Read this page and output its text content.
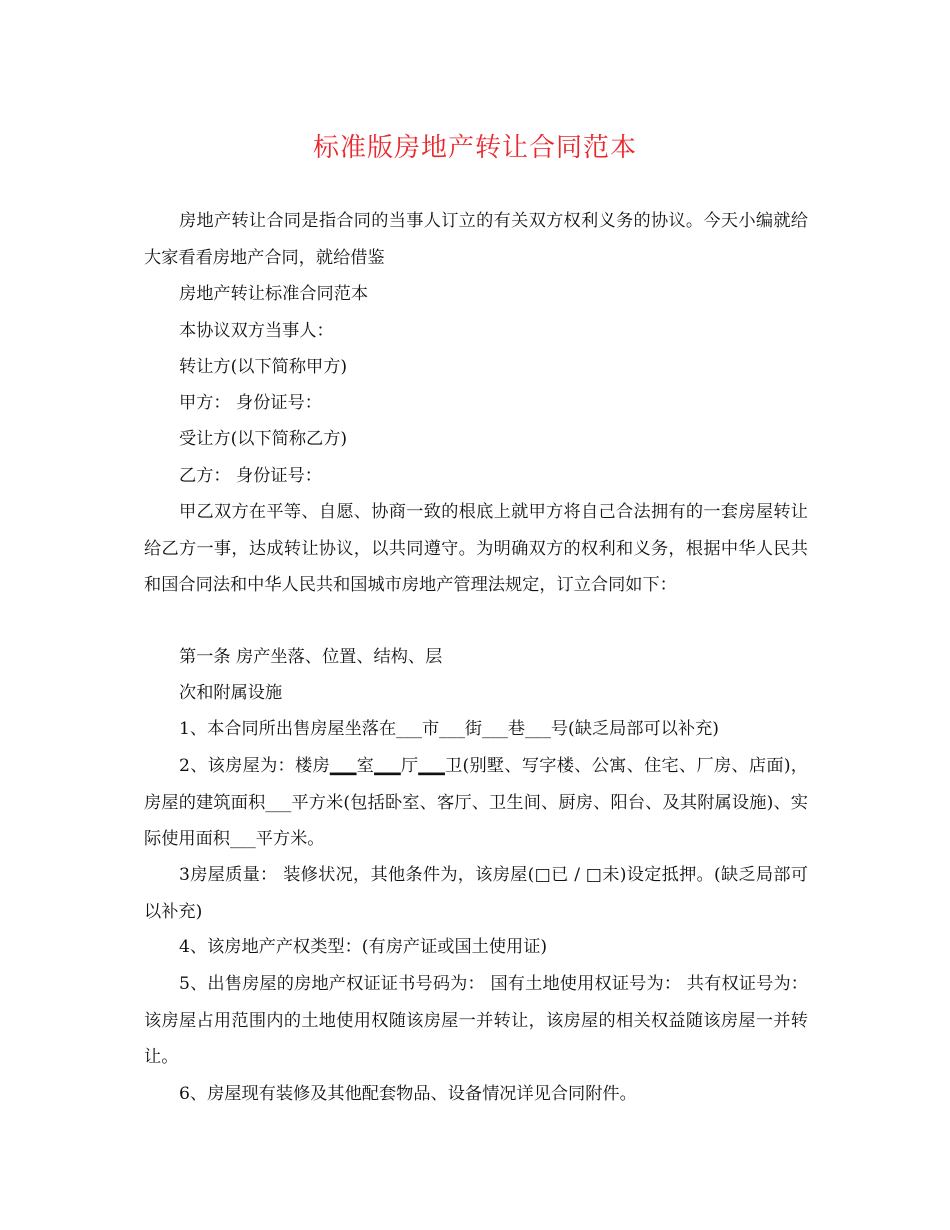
标准版房地产转让合同范本

房地产转让合同是指合同的当事人订立的有关双方权利义务的协议。今天小编就给大家看看房地产合同，就给借鉴

房地产转让标准合同范本

本协议双方当事人：

转让方(以下简称甲方)

甲方： 身份证号：

受让方(以下简称乙方)

乙方： 身份证号：

甲乙双方在平等、自愿、协商一致的根底上就甲方将自己合法拥有的一套房屋转让给乙方一事，达成转让协议，以共同遵守。为明确双方的权利和义务，根据中华人民共和国合同法和中华人民共和国城市房地产管理法规定，订立合同如下：

第一条 房产坐落、位置、结构、层

次和附属设施

1、本合同所出售房屋坐落在___市___街___巷___号(缺乏局部可以补充)

2、该房屋为：楼房▁▁室▁▁厅▁▁卫(别墅、写字楼、公寓、住宅、厂房、店面)，房屋的建筑面积___平方米(包括卧室、客厅、卫生间、厨房、阳台、及其附属设施)、实际使用面积___平方米。

3房屋质量： 装修状况，其他条件为，该房屋(□已 / □未)设定抵押。(缺乏局部可以补充)

4、该房地产产权类型：(有房产证或国土使用证)

5、出售房屋的房地产权证证书号码为： 国有土地使用权证号为： 共有权证号为： 该房屋占用范围内的土地使用权随该房屋一并转让，该房屋的相关权益随该房屋一并转让。

6、房屋现有装修及其他配套物品、设备情况详见合同附件。
